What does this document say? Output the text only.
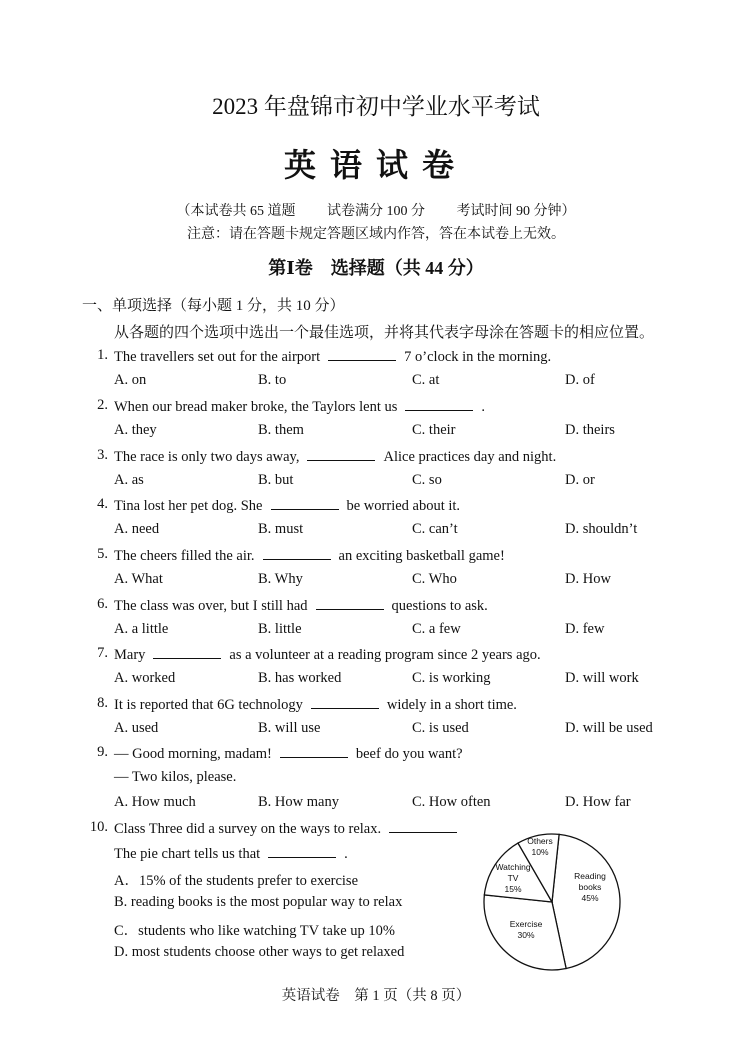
2023 年盘锦市初中学业水平考试
英语试卷
（本试卷共 65 道题 试卷满分 100 分 考试时间 90 分钟）
注意：请在答题卡规定答题区域内作答，答在本试卷上无效。
第Ⅰ卷　选择题（共 44 分）
一、单项选择（每小题 1 分，共 10 分）
从各题的四个选项中选出一个最佳选项，并将其代表字母涂在答题卡的相应位置。
1. The travellers set out for the airport	7 o’clock in the morning.
A. on	B. to	C. at	D. of
2. When our bread maker broke, the Taylors lent us	.
A. they	B. them	C. their	D. theirs
3. The race is only two days away,	Alice practices day and night.
A. as	B. but	C. so	D. or
4. Tina lost her pet dog. She	be worried about it.
A. need	B. must	C. can’t	D. shouldn’t
5. The cheers filled the air.	an exciting basketball game!
A. What	B. Why	C. Who	D. How
6. The class was over, but I still had	questions to ask.
A. a little	B. little	C. a few	D. few
7. Mary	as a volunteer at a reading program since 2 years ago.
A. worked	B. has worked	C. is working	D. will work
8. It is reported that 6G technology	widely in a short time.
A. used	B. will use	C. is used	D. will be used
9. — Good morning, madam!	beef do you want?
— Two kilos, please.
A. How much	B. How many	C. How often	D. How far
10. Class Three did a survey on the ways to relax.
The pie chart tells us that	.
A．15% of the students prefer to exercise
B. reading books is the most popular way to relax
C．students who like watching TV take up 10%
D. most students choose other ways to get relaxed
Reading
books
45%
Exercise
30%
Watching
TV
15%
Others
10%
英语试卷　第 1 页（共 8 页）
